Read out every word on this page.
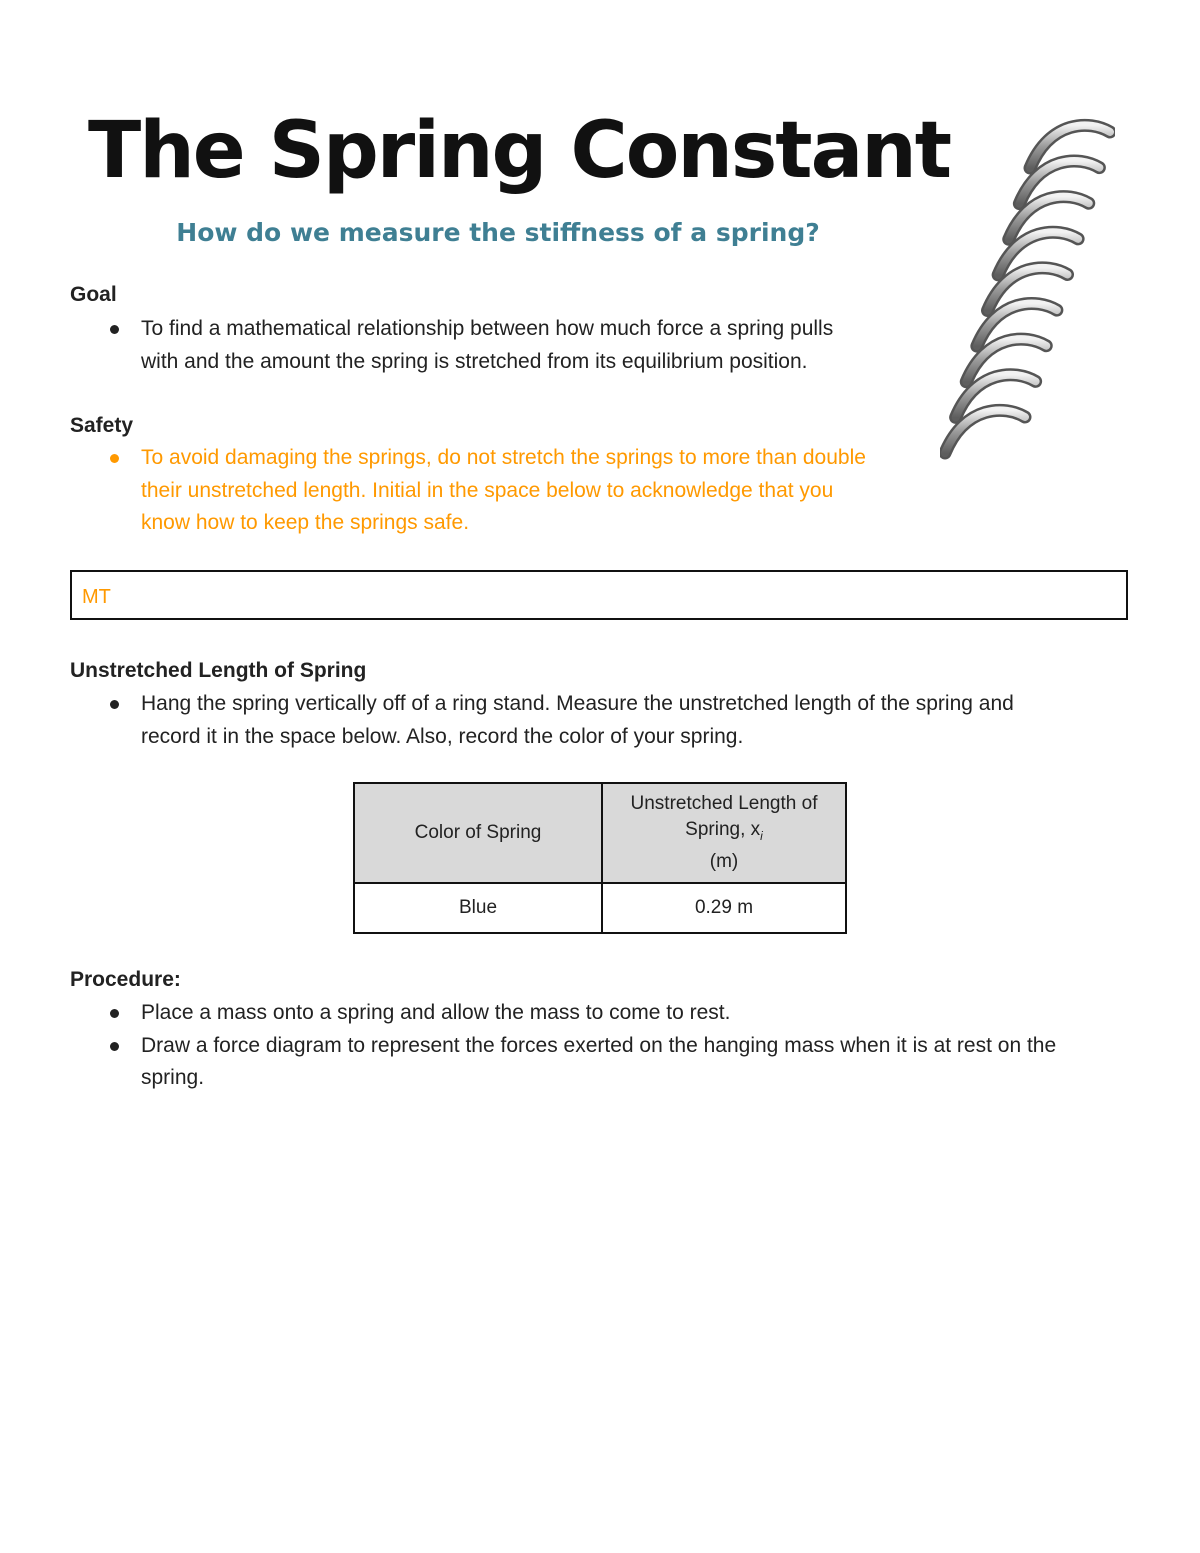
The Spring Constant
How do we measure the stiffness of a spring?
Goal
To find a mathematical relationship between how much force a spring pulls
with and the amount the spring is stretched from its equilibrium position.
Safety
To avoid damaging the springs, do not stretch the springs to more than double
their unstretched length. Initial in the space below to acknowledge that you
know how to keep the springs safe.
MT
Unstretched Length of Spring
Hang the spring vertically off of a ring stand. Measure the unstretched length of the spring and
record it in the space below. Also, record the color of your spring.
Color of Spring	Unstretched Length of
Spring, $x_i$
(m)
Blue	0.29 m
Procedure:
Place a mass onto a spring and allow the mass to come to rest.
Draw a force diagram to represent the forces exerted on the hanging mass when it is at rest on the
spring.
